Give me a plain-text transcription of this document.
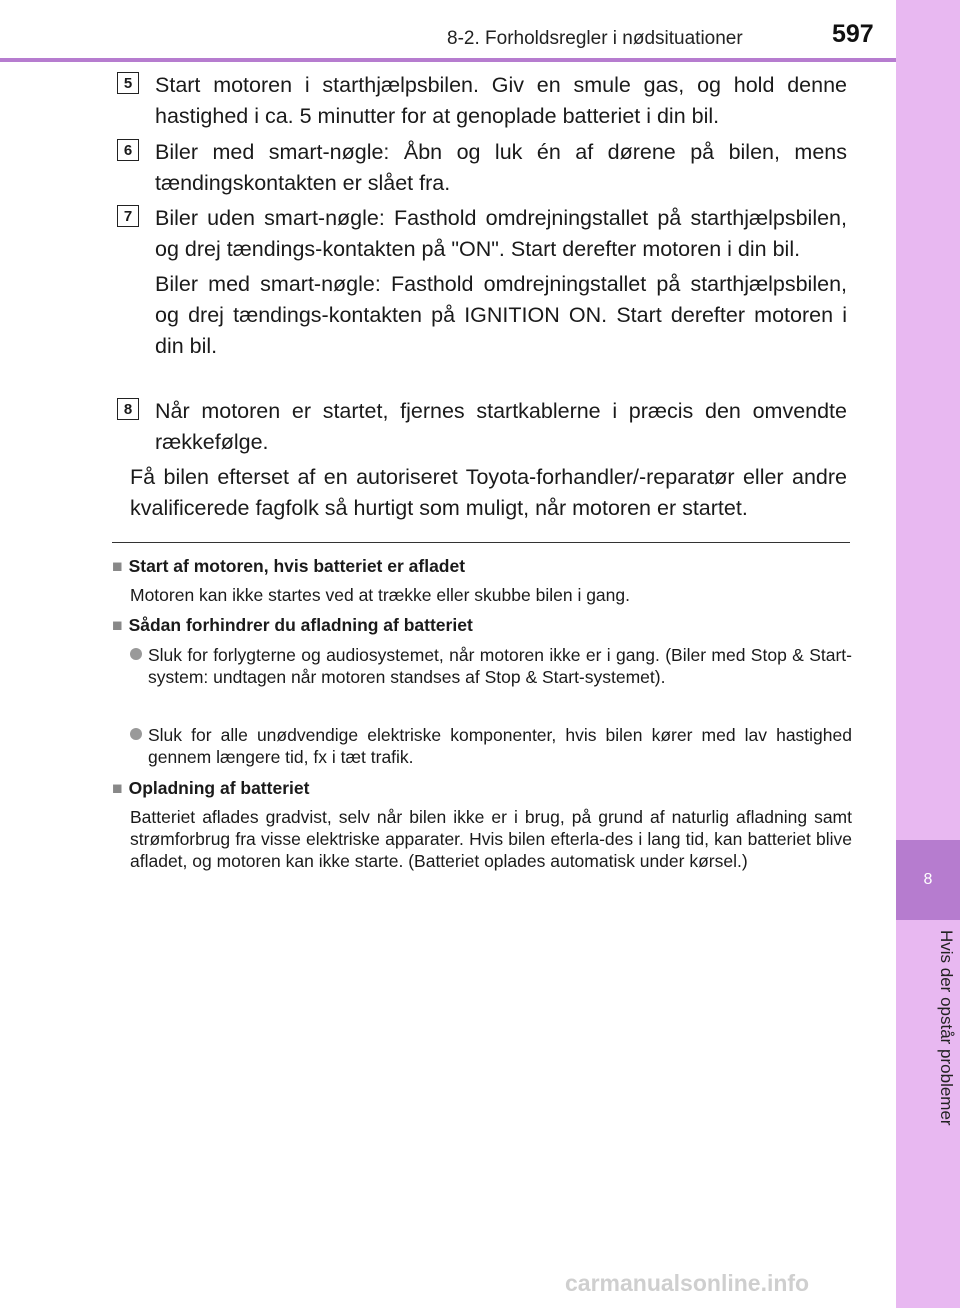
8-2. Forholdsregler i nødsituationer	597
8
Hvis der opstår problemer
5	Start motoren i starthjælpsbilen. Giv en smule gas, og hold denne hastighed i ca. 5 minutter for at genoplade batteriet i din bil.
6	Biler med smart-nøgle: Åbn og luk én af dørene på bilen, mens tændingskontakten er slået fra.
7	Biler uden smart-nøgle: Fasthold omdrejningstallet på starthjælpsbilen, og drej tændings-kontakten på "ON". Start derefter motoren i din bil.
Biler med smart-nøgle: Fasthold omdrejningstallet på starthjælpsbilen, og drej tændings-kontakten på IGNITION ON. Start derefter motoren i din bil.
8	Når motoren er startet, fjernes startkablerne i præcis den omvendte rækkefølge.
Få bilen efterset af en autoriseret Toyota-forhandler/-reparatør eller andre kvalificerede fagfolk så hurtigt som muligt, når motoren er startet.
■ Start af motoren, hvis batteriet er afladet
Motoren kan ikke startes ved at trække eller skubbe bilen i gang.
■ Sådan forhindrer du afladning af batteriet
Sluk for forlygterne og audiosystemet, når motoren ikke er i gang. (Biler med Stop & Start-system: undtagen når motoren standses af Stop & Start-systemet).
Sluk for alle unødvendige elektriske komponenter, hvis bilen kører med lav hastighed gennem længere tid, fx i tæt trafik.
■ Opladning af batteriet
Batteriet aflades gradvist, selv når bilen ikke er i brug, på grund af naturlig afladning samt strømforbrug fra visse elektriske apparater. Hvis bilen efterla-des i lang tid, kan batteriet blive afladet, og motoren kan ikke starte. (Batteriet oplades automatisk under kørsel.)
carmanualsonline.info
